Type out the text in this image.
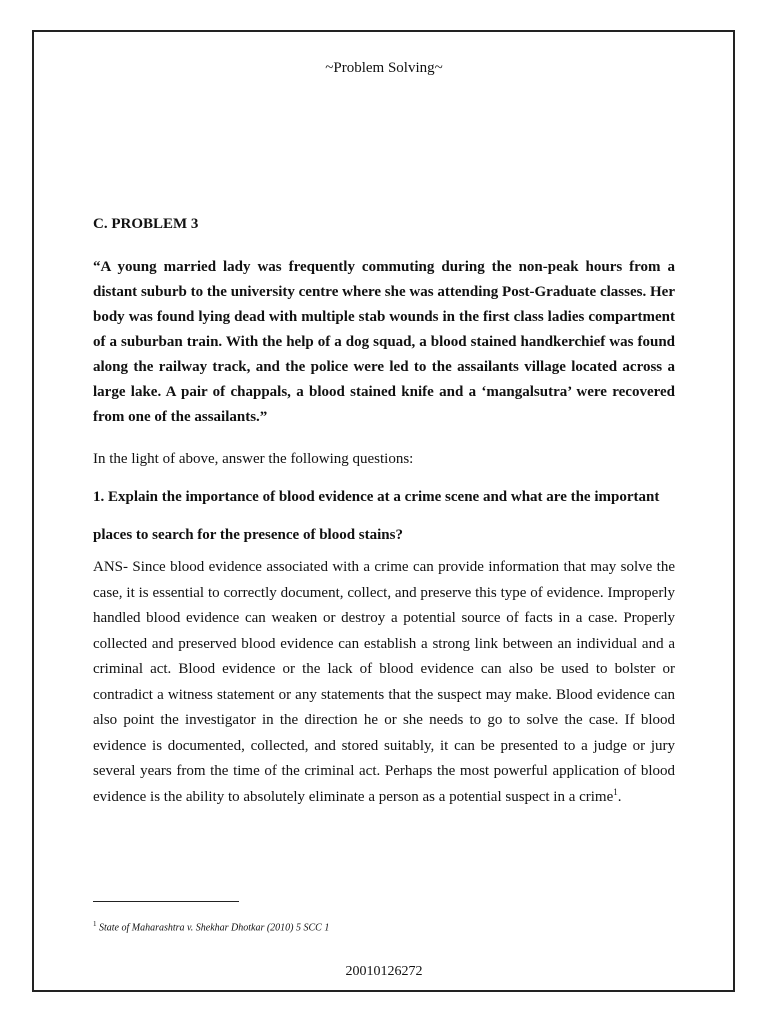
~Problem Solving~

C. PROBLEM 3

“A young married lady was frequently commuting during the non-peak hours from a distant suburb to the university centre where she was attending Post-Graduate classes. Her body was found lying dead with multiple stab wounds in the first class ladies compartment of a suburban train. With the help of a dog squad, a blood stained handkerchief was found along the railway track, and the police were led to the assailants village located across a large lake. A pair of chappals, a blood stained knife and a ‘mangalsutra’ were recovered from one of the assailants.”

In the light of above, answer the following questions:

1. Explain the importance of blood evidence at a crime scene and what are the important

places to search for the presence of blood stains?

ANS- Since blood evidence associated with a crime can provide information that may solve the case, it is essential to correctly document, collect, and preserve this type of evidence. Improperly handled blood evidence can weaken or destroy a potential source of facts in a case. Properly collected and preserved blood evidence can establish a strong link between an individual and a criminal act. Blood evidence or the lack of blood evidence can also be used to bolster or contradict a witness statement or any statements that the suspect may make. Blood evidence can also point the investigator in the direction he or she needs to go to solve the case. If blood evidence is documented, collected, and stored suitably, it can be presented to a judge or jury several years from the time of the criminal act. Perhaps the most powerful application of blood evidence is the ability to absolutely eliminate a person as a potential suspect in a crime$^1$.

$^1$ State of Maharashtra v. Shekhar Dhotkar (2010) 5 SCC 1
20010126272
